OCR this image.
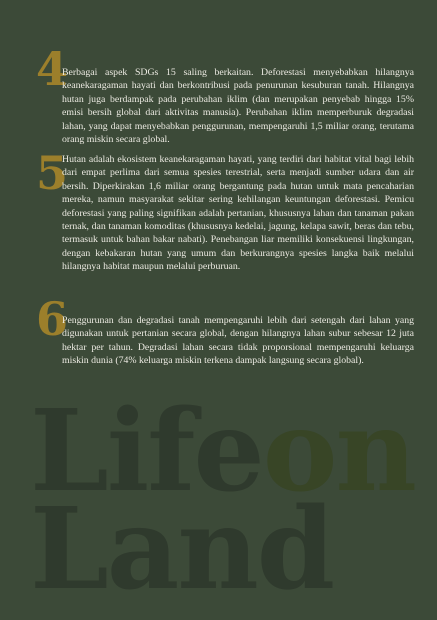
Lifeon
Land
4

Berbagai aspek SDGs 15 saling berkaitan. Deforestasi menyebabkan hilangnya keanekaragaman hayati dan berkontribusi pada penurunan kesuburan tanah. Hilangnya hutan juga berdampak pada perubahan iklim (dan merupakan penyebab hingga 15% emisi bersih global dari aktivitas manusia). Perubahan iklim memperburuk degradasi lahan, yang dapat menyebabkan penggurunan, mempengaruhi 1,5 miliar orang, terutama orang miskin secara global.

5

Hutan adalah ekosistem keanekaragaman hayati, yang terdiri dari habitat vital bagi lebih dari empat perlima dari semua spesies terestrial, serta menjadi sumber udara dan air bersih. Diperkirakan 1,6 miliar orang bergantung pada hutan untuk mata pencaharian mereka, namun masyarakat sekitar sering kehilangan keuntungan deforestasi. Pemicu deforestasi yang paling signifikan adalah pertanian, khususnya lahan dan tanaman pakan ternak, dan tanaman komoditas (khususnya kedelai, jagung, kelapa sawit, beras dan tebu, termasuk untuk bahan bakar nabati). Penebangan liar memiliki konsekuensi lingkungan, dengan kebakaran hutan yang umum dan berkurangnya spesies langka baik melalui hilangnya habitat maupun melalui perburuan.

6

Penggurunan dan degradasi tanah mempengaruhi lebih dari setengah dari lahan yang digunakan untuk pertanian secara global, dengan hilangnya lahan subur sebesar 12 juta hektar per tahun. Degradasi lahan secara tidak proporsional mempengaruhi keluarga miskin dunia (74% keluarga miskin terkena dampak langsung secara global).
